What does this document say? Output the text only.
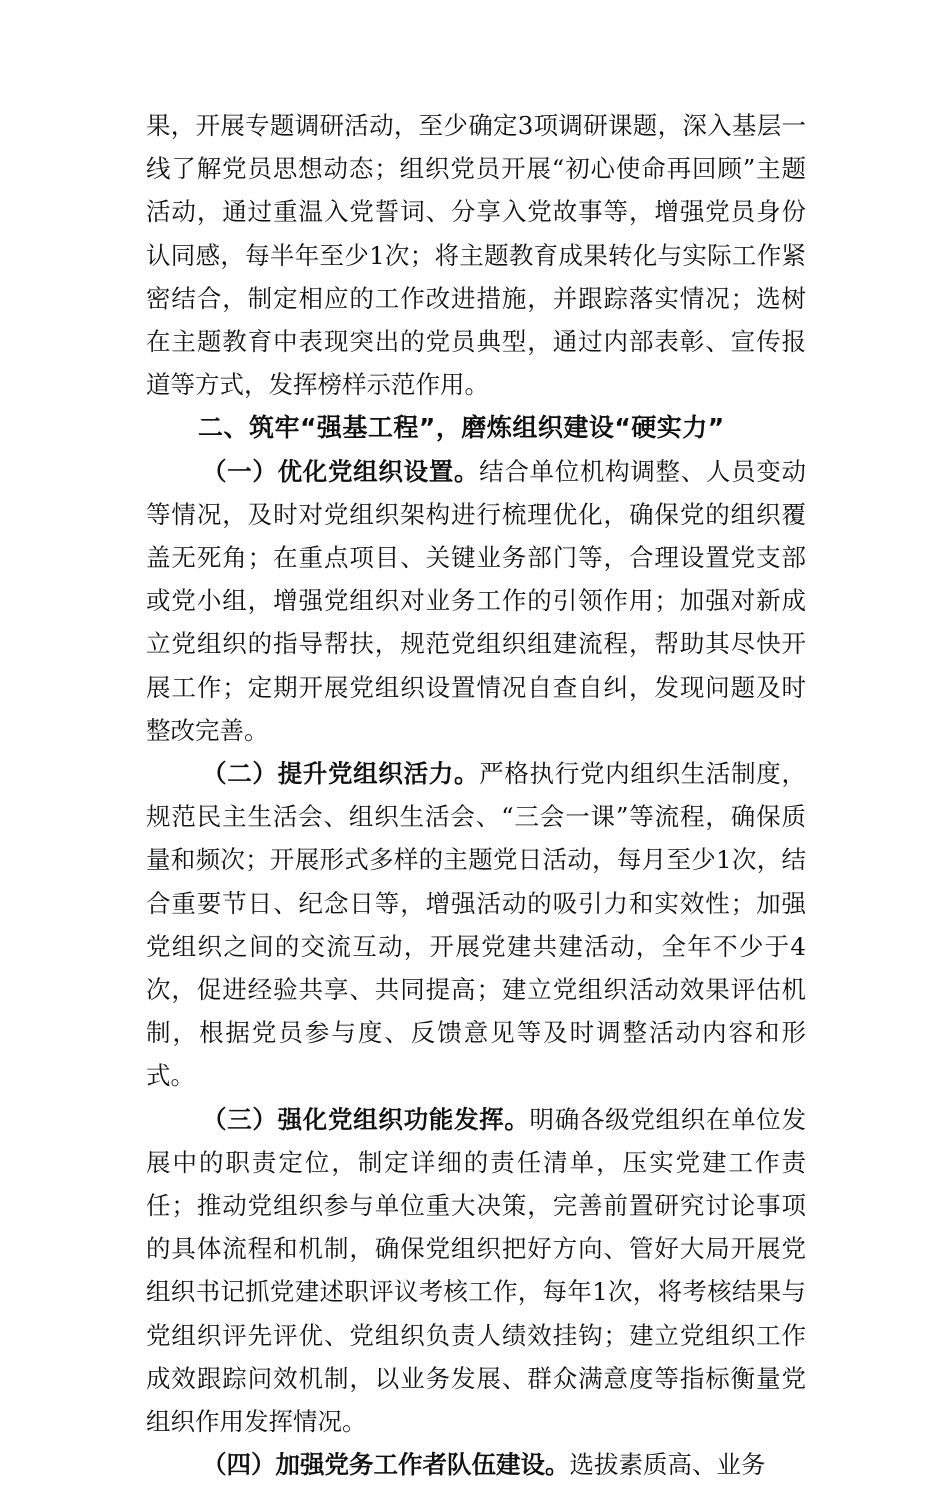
果，开展专题调研活动，至少确定3项调研课题，深入基层一线了解党员思想动态；组织党员开展“初心使命再回顾”主题活动，通过重温入党誓词、分享入党故事等，增强党员身份认同感，每半年至少1次；将主题教育成果转化与实际工作紧密结合，制定相应的工作改进措施，并跟踪落实情况；选树在主题教育中表现突出的党员典型，通过内部表彰、宣传报道等方式，发挥榜样示范作用。

二、筑牢“强基工程”，磨炼组织建设“硬实力”

（一）优化党组织设置。结合单位机构调整、人员变动等情况，及时对党组织架构进行梳理优化，确保党的组织覆盖无死角；在重点项目、关键业务部门等，合理设置党支部或党小组，增强党组织对业务工作的引领作用；加强对新成立党组织的指导帮扶，规范党组织组建流程，帮助其尽快开展工作；定期开展党组织设置情况自查自纠，发现问题及时整改完善。

（二）提升党组织活力。严格执行党内组织生活制度，规范民主生活会、组织生活会、“三会一课”等流程，确保质量和频次；开展形式多样的主题党日活动，每月至少1次，结合重要节日、纪念日等，增强活动的吸引力和实效性；加强党组织之间的交流互动，开展党建共建活动，全年不少于4次，促进经验共享、共同提高；建立党组织活动效果评估机制，根据党员参与度、反馈意见等及时调整活动内容和形式。

（三）强化党组织功能发挥。明确各级党组织在单位发展中的职责定位，制定详细的责任清单，压实党建工作责任；推动党组织参与单位重大决策，完善前置研究讨论事项的具体流程和机制，确保党组织把好方向、管好大局开展党组织书记抓党建述职评议考核工作，每年1次，将考核结果与党组织评先评优、党组织负责人绩效挂钩；建立党组织工作成效跟踪问效机制，以业务发展、群众满意度等指标衡量党组织作用发挥情况。

（四）加强党务工作者队伍建设。选拔素质高、业务
